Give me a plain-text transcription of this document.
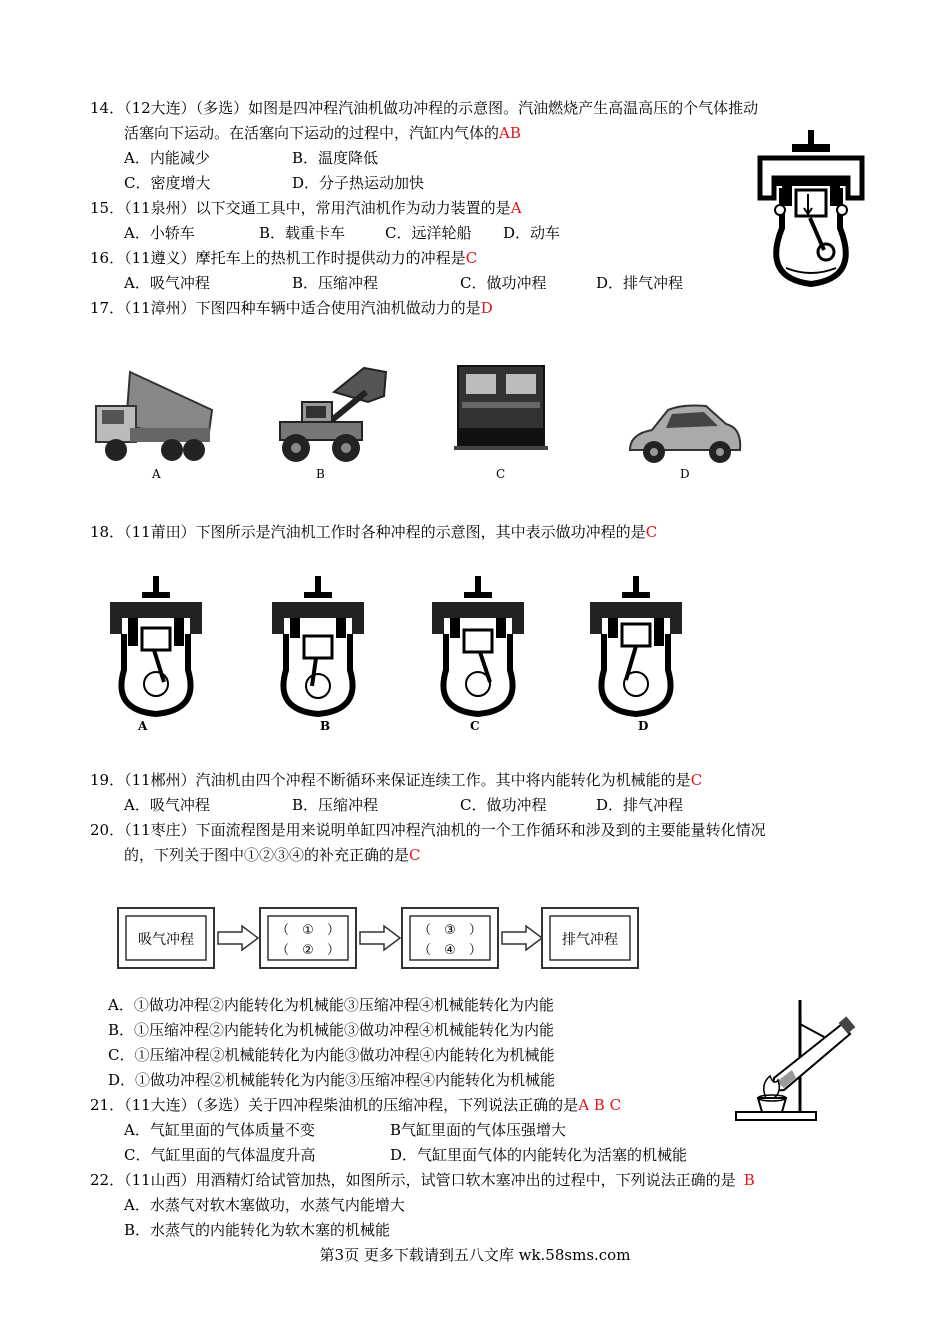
14．（12大连）（多选）如图是四冲程汽油机做功冲程的示意图。汽油燃烧产生高温高压的个气体推动
活塞向下运动。在活塞向下运动的过程中，汽缸内气体的AB
A．内能减少	B．温度降低
C．密度增大	D．分子热运动加快
15．（11泉州）以下交通工具中，常用汽油机作为动力装置的是A
A．小轿车	B．载重卡车	C．远洋轮船 D．动车
16．（11遵义）摩托车上的热机工作时提供动力的冲程是C
A．吸气冲程	B．压缩冲程	C．做功冲程	D．排气冲程
17．（11漳州）下图四种车辆中适合使用汽油机做动力的是D
A	B	C	D
18．（11莆田）下图所示是汽油机工作时各种冲程的示意图，其中表示做功冲程的是C
A	B	C	D
19．（11郴州）汽油机由四个冲程不断循环来保证连续工作。其中将内能转化为机械能的是C
A．吸气冲程	B．压缩冲程	C．做功冲程	D．排气冲程
20．（11枣庄）下面流程图是用来说明单缸四冲程汽油机的一个工作循环和涉及到的主要能量转化情况
的，下列关于图中①②③④的补充正确的是C
吸气冲程
（　①　）
（　②　）
（　③　）
（　④　）
排气冲程
A．①做功冲程②内能转化为机械能③压缩冲程④机械能转化为内能
B．①压缩冲程②内能转化为机械能③做功冲程④机械能转化为内能
C．①压缩冲程②机械能转化为内能③做功冲程④内能转化为机械能
D．①做功冲程②机械能转化为内能③压缩冲程④内能转化为机械能
21．（11大连）（多选）关于四冲程柴油机的压缩冲程，下列说法正确的是A B C
A．气缸里面的气体质量不变	B气缸里面的气体压强增大
C．气缸里面的气体温度升高	D．气缸里面气体的内能转化为活塞的机械能
22．（11山西）用酒精灯给试管加热，如图所示，试管口软木塞冲出的过程中，下列说法正确的是 B
A．水蒸气对软木塞做功，水蒸气内能增大
B．水蒸气的内能转化为软木塞的机械能
第3页 更多下载请到五八文库 wk.58sms.com
